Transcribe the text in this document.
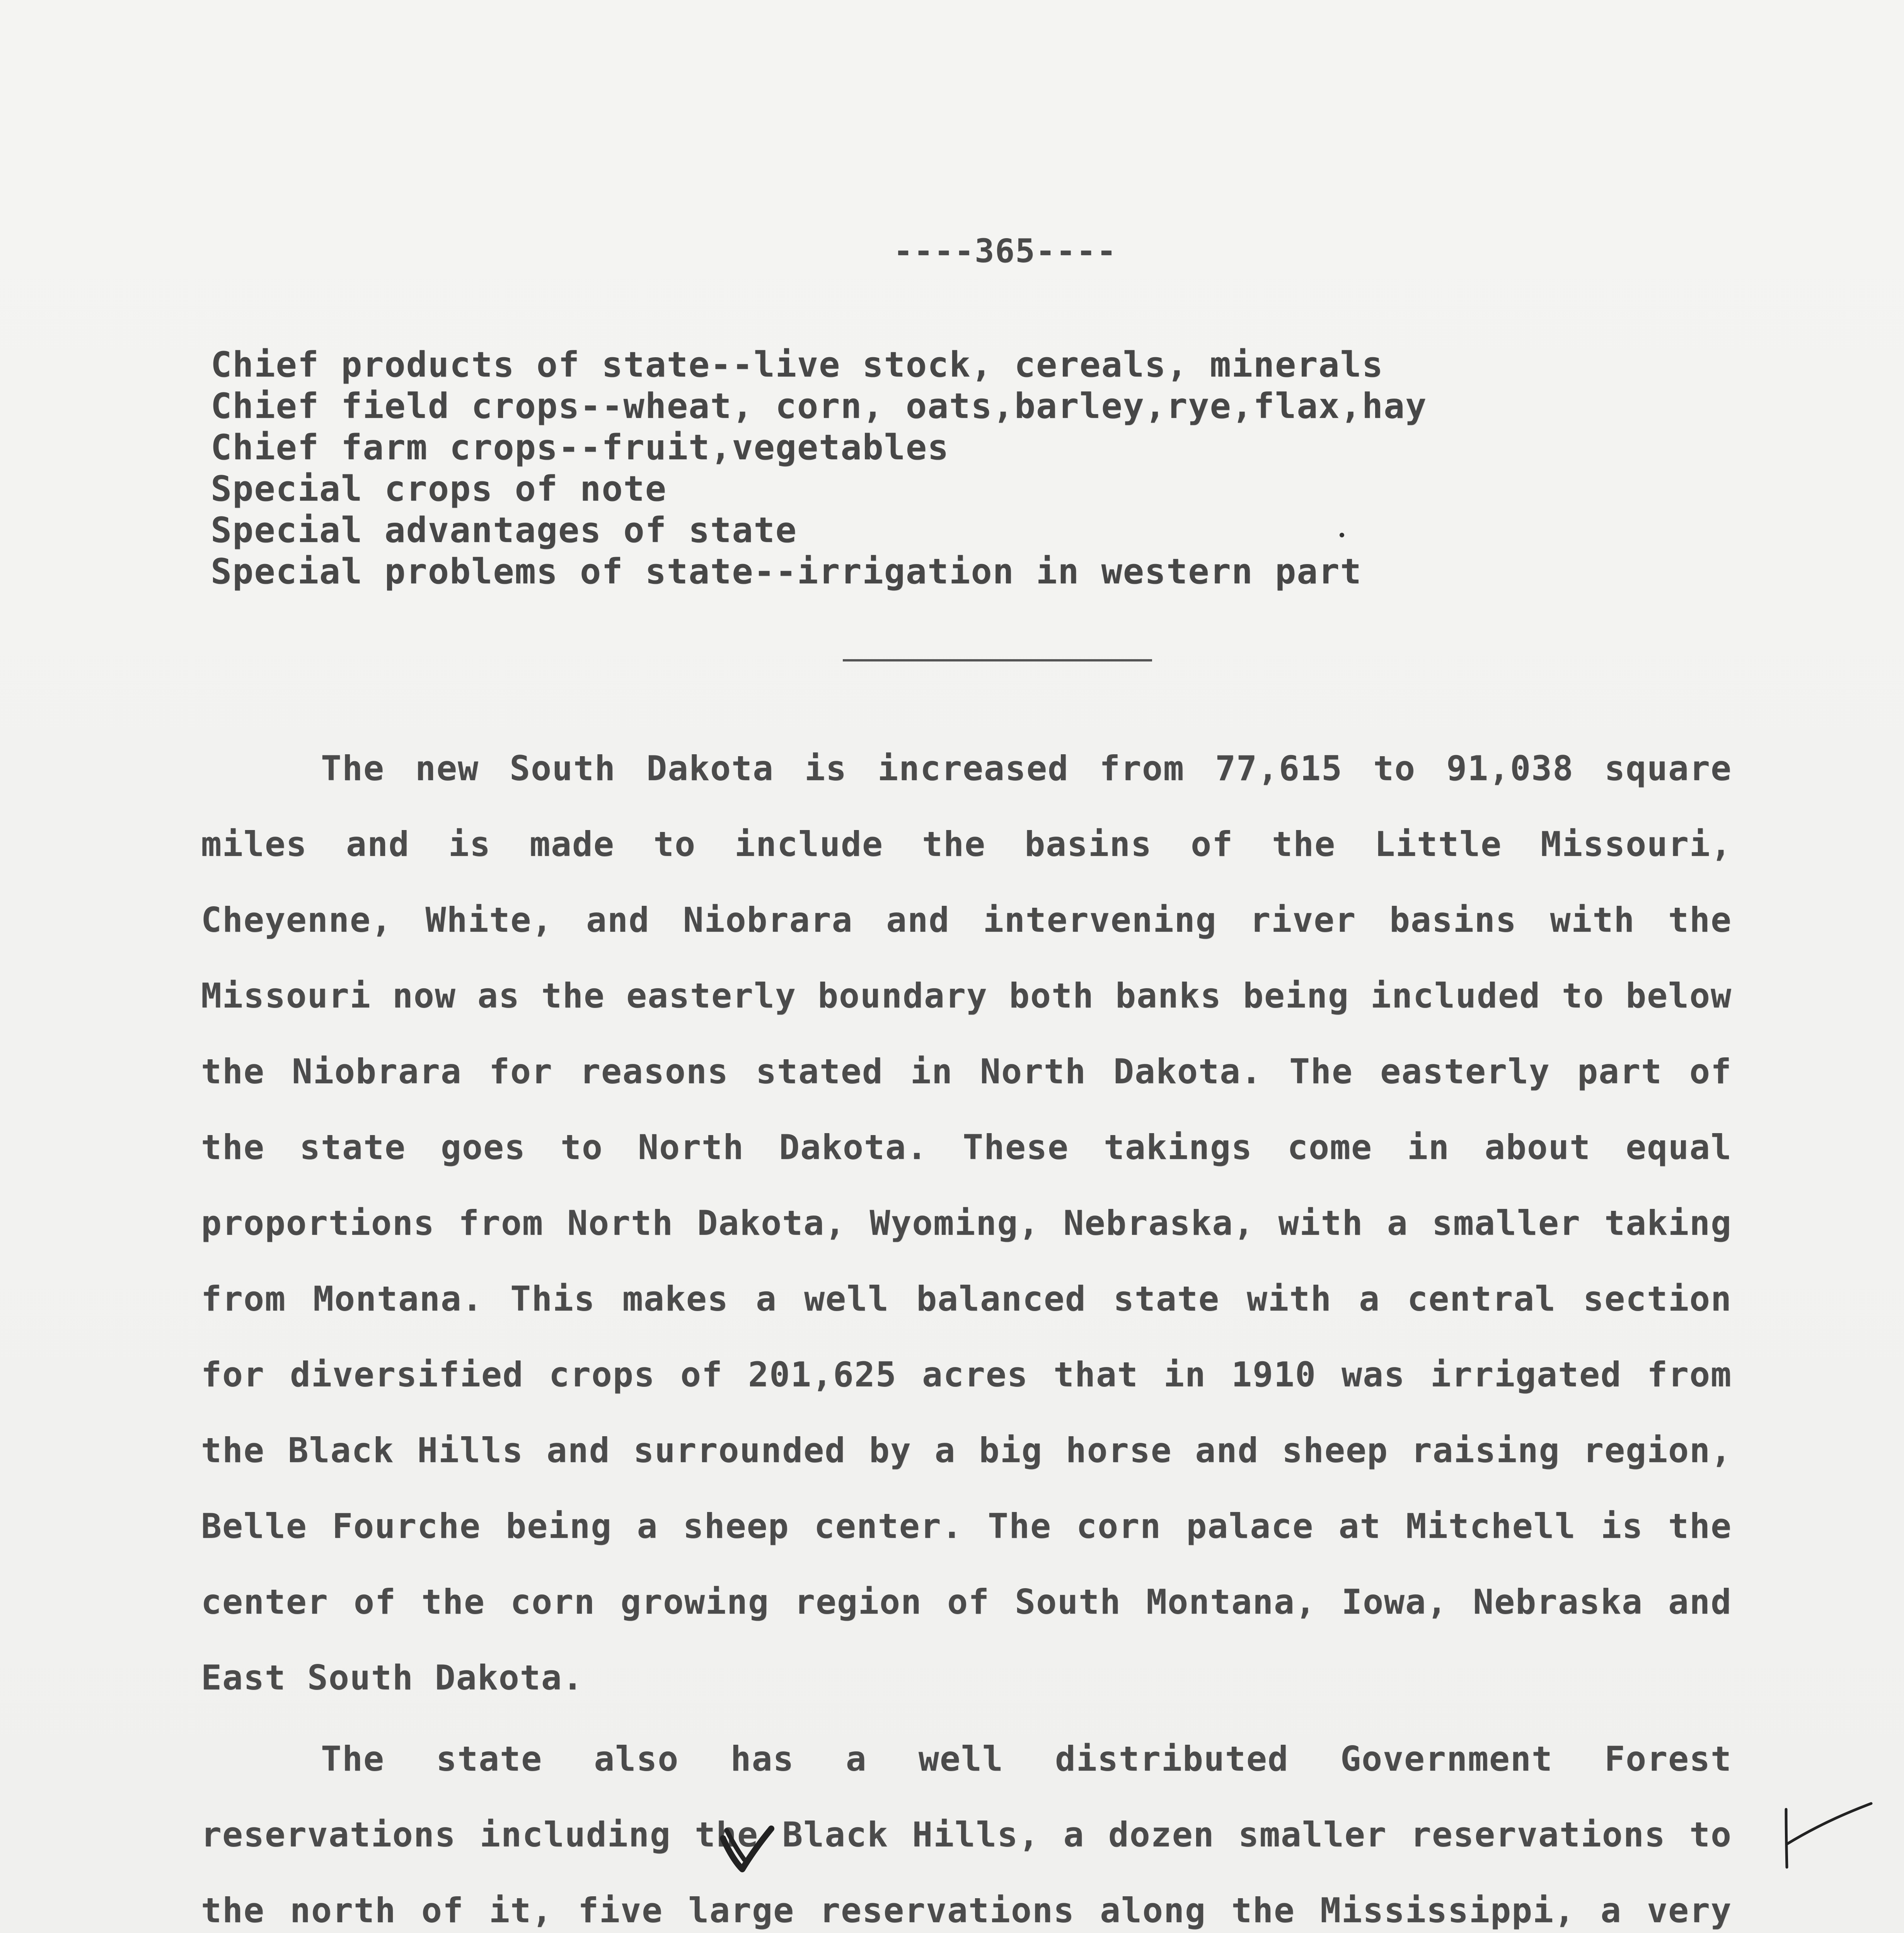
----365----
Chief products of state--live stock, cereals, minerals
Chief field crops--wheat, corn, oats,barley,rye,flax,hay
Chief farm crops--fruit,vegetables
Special crops of note
Special advantages of state
Special problems of state--irrigation in western part

The new South Dakota is increased from 77,615 to 91,038 square miles and is made to include the basins of the Little Missouri, Cheyenne, White, and Niobrara and intervening river basins with the Missouri now as the easterly boundary both banks being included to below the Niobrara for reasons stated in North Dakota. The easterly part of the state goes to North Dakota. These takings come in about equal proportions from North Dakota, Wyoming, Nebraska, with a smaller taking from Montana. This makes a well balanced state with a central section for diversified crops of 201,625 acres that in 1910 was irrigated from the Black Hills and surrounded by a big horse and sheep raising region, Belle Fourche being a sheep center. The corn palace at Mitchell is the center of the corn growing region of South Montana, Iowa, Nebraska and East South Dakota.

The state also has a well distributed Government Forest reservations including the Black Hills, a dozen smaller reservations to the north of it, five large reservations along the Mississippi, a very
